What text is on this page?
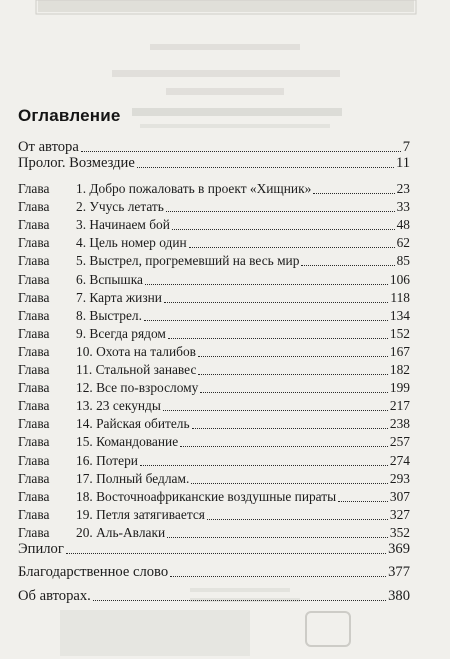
Оглавление
От автора	7
Пролог. Возмездие	11
Глава	1. Добро пожаловать в проект «Хищник»	23
Глава	2. Учусь летать	33
Глава	3. Начинаем бой	48
Глава	4. Цель номер один	62
Глава	5. Выстрел, прогремевший на весь мир	85
Глава	6. Вспышка	106
Глава	7. Карта жизни	118
Глава	8. Выстрел.	134
Глава	9. Всегда рядом	152
Глава	10. Охота на талибов	167
Глава	11. Стальной занавес	182
Глава	12. Все по-взрослому	199
Глава	13. 23 секунды	217
Глава	14. Райская обитель	238
Глава	15. Командование	257
Глава	16. Потери	274
Глава	17. Полный бедлам.	293
Глава	18. Восточноафриканские воздушные пираты	307
Глава	19. Петля затягивается	327
Глава	20. Аль-Авлаки	352
Эпилог	369
Благодарственное слово	377
Об авторах.	380
